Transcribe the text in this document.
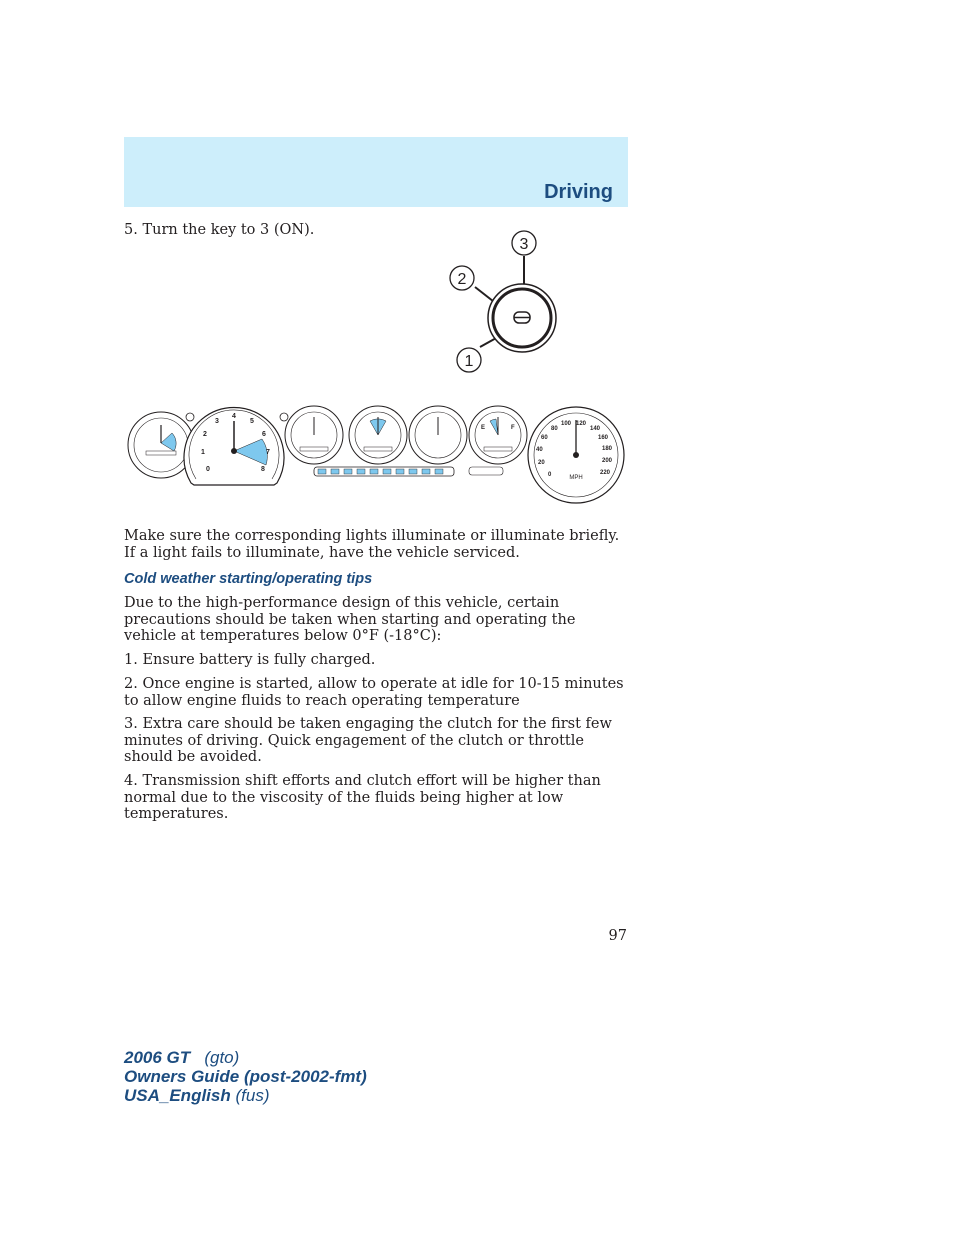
Driving

5. Turn the key to 3 (ON).

3
2
1
0
1
2
3
4
5
6
7
8
E	F
0
20
40
60
80
100 120
140
160
180
200
220
MPH

Make sure the corresponding lights illuminate or illuminate briefly. If a light fails to illuminate, have the vehicle serviced.

Cold weather starting/operating tips

Due to the high-performance design of this vehicle, certain precautions should be taken when starting and operating the vehicle at temperatures below 0°F (-18°C):

1. Ensure battery is fully charged.

2. Once engine is started, allow to operate at idle for 10-15 minutes to allow engine fluids to reach operating temperature

3. Extra care should be taken engaging the clutch for the first few minutes of driving. Quick engagement of the clutch or throttle should be avoided.

4. Transmission shift efforts and clutch effort will be higher than normal due to the viscosity of the fluids being higher at low temperatures.

97
2006 GT (gto)
Owners Guide (post-2002-fmt)
USA_English (fus)
